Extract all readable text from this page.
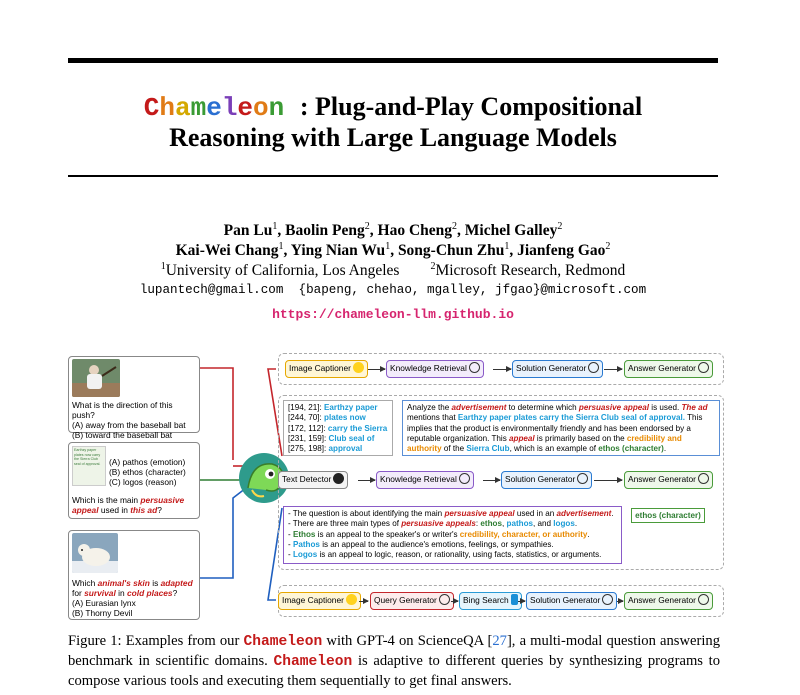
Chameleon : Plug-and-Play Compositional
Reasoning with Large Language Models
Pan Lu$^1$, Baolin Peng$^2$, Hao Cheng$^2$, Michel Galley$^2$
Kai-Wei Chang$^1$, Ying Nian Wu$^1$, Song-Chun Zhu$^1$, Jianfeng Gao$^2$
$^1$University of California, Los Angeles	$^2$Microsoft Research, Redmond
lupantech@gmail.com {bapeng, chehao, mgalley, jfgao}@microsoft.com
https://chameleon-llm.github.io
What is the direction of this push?
(A) away from the baseball bat
(B) toward the baseball bat
(A) pathos (emotion)
(B) ethos (character)
(C) logos (reason)
Which is the main persuasive appeal used in this ad?
Earthzy paper plates now carry the Sierra Club seal of approval.
Which animal's skin is adapted for survival in cold places?
(A) Eurasian lynx
(B) Thorny Devil
Image Captioner	Knowledge Retrieval	Solution Generator	Answer Generator
[194, 21]: Earthzy paper
[244, 70]: plates now
[172, 112]: carry the Sierra
[231, 159]: Club seal of
[275, 198]: approval
Analyze the advertisement to determine which persuasive appeal is used. The ad mentions that Earthzy paper plates carry the Sierra Club seal of approval. This implies that the product is environmentally friendly and has been endorsed by a reputable organization. This appeal is primarily based on the credibility and authority of the Sierra Club, which is an example of ethos (character).
Text Detector	Knowledge Retrieval	Solution Generator	Answer Generator
ethos (character)
- The question is about identifying the main persuasive appeal used in an advertisement.
- There are three main types of persuasive appeals: ethos, pathos, and logos.
- Ethos is an appeal to the speaker's or writer's credibility, character, or authority.
- Pathos is an appeal to the audience's emotions, feelings, or sympathies.
- Logos is an appeal to logic, reason, or rationality, using facts, statistics, or arguments.
Image Captioner	Query Generator	Bing Search	Solution Generator	Answer Generator
Figure 1: Examples from our Chameleon with GPT-4 on ScienceQA [27], a multi-modal question answering benchmark in scientific domains. Chameleon is adaptive to different queries by synthesizing programs to compose various tools and executing them sequentially to get final answers.
